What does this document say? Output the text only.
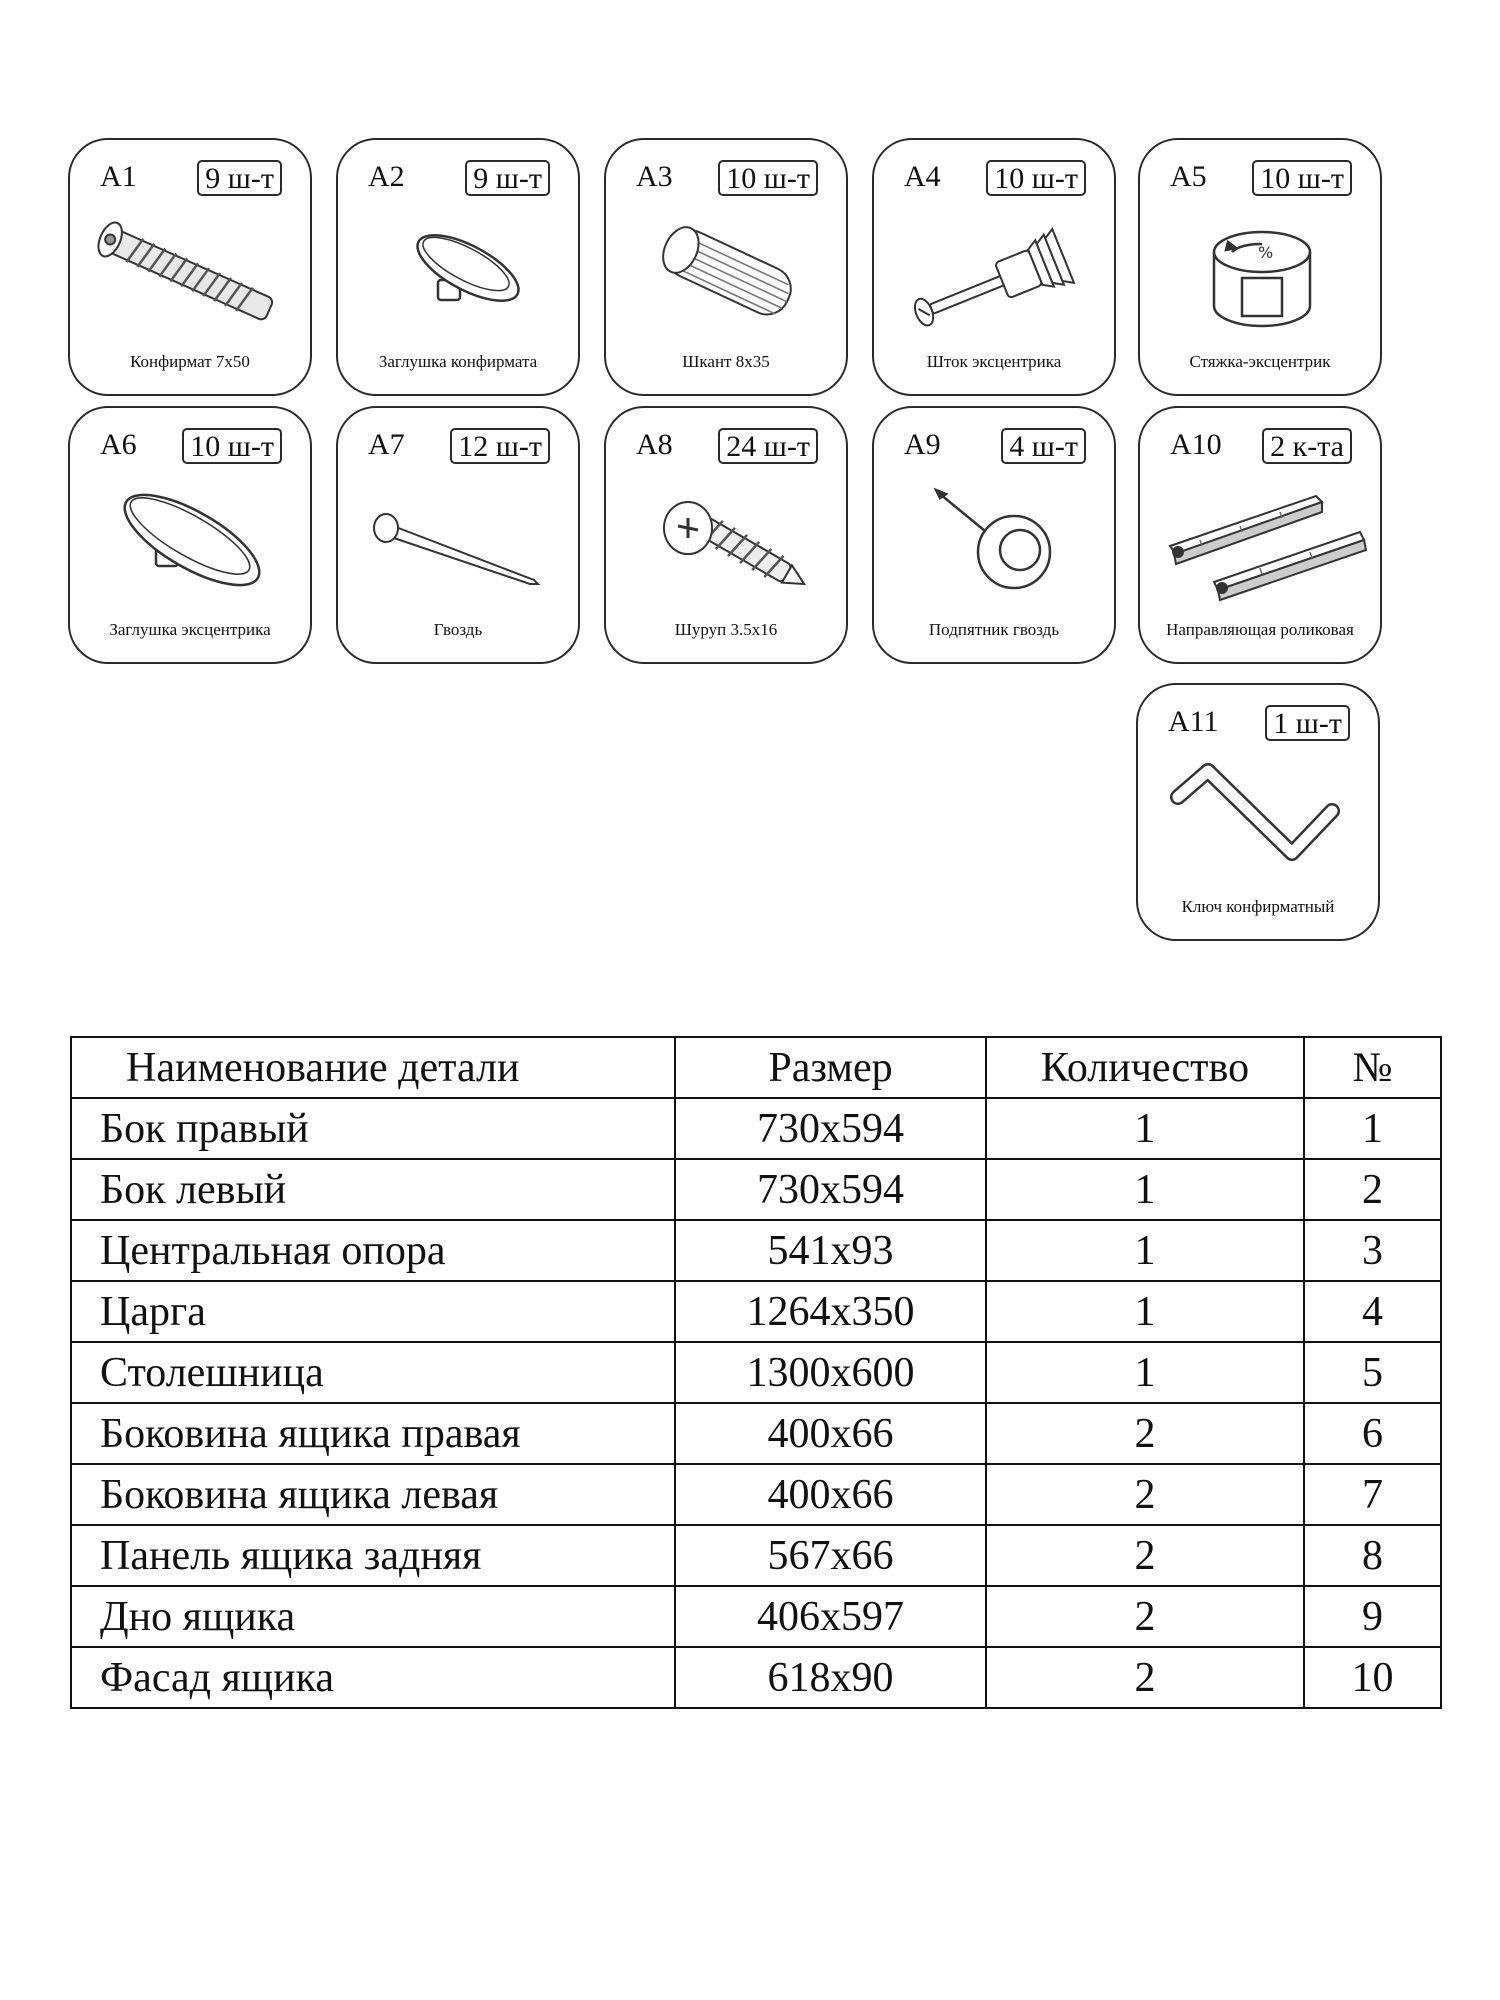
A1 9 ш-т
Конфирмат 7x50
A2 9 ш-т
Заглушка конфирмата
A3 10 ш-т
Шкант 8x35
A4 10 ш-т
Шток эксцентрика
A5 10 ш-т
%
Стяжка-эксцентрик
A6 10 ш-т
Заглушка эксцентрика
A7 12 ш-т
Гвоздь
A8 24 ш-т
Шуруп 3.5x16
A9 4 ш-т
Подпятник гвоздь
A10 2 к-та
Направляющая роликовая
A11 1 ш-т
Ключ конфирматный
Наименование детали	Размер	Количество	№
Бок правый	730x594	1	1
Бок левый	730x594	1	2
Центральная опора	541x93	1	3
Царга	1264x350	1	4
Столешница	1300x600	1	5
Боковина ящика правая	400x66	2	6
Боковина ящика левая	400x66	2	7
Панель ящика задняя	567x66	2	8
Дно ящика	406x597	2	9
Фасад ящика	618x90	2	10
